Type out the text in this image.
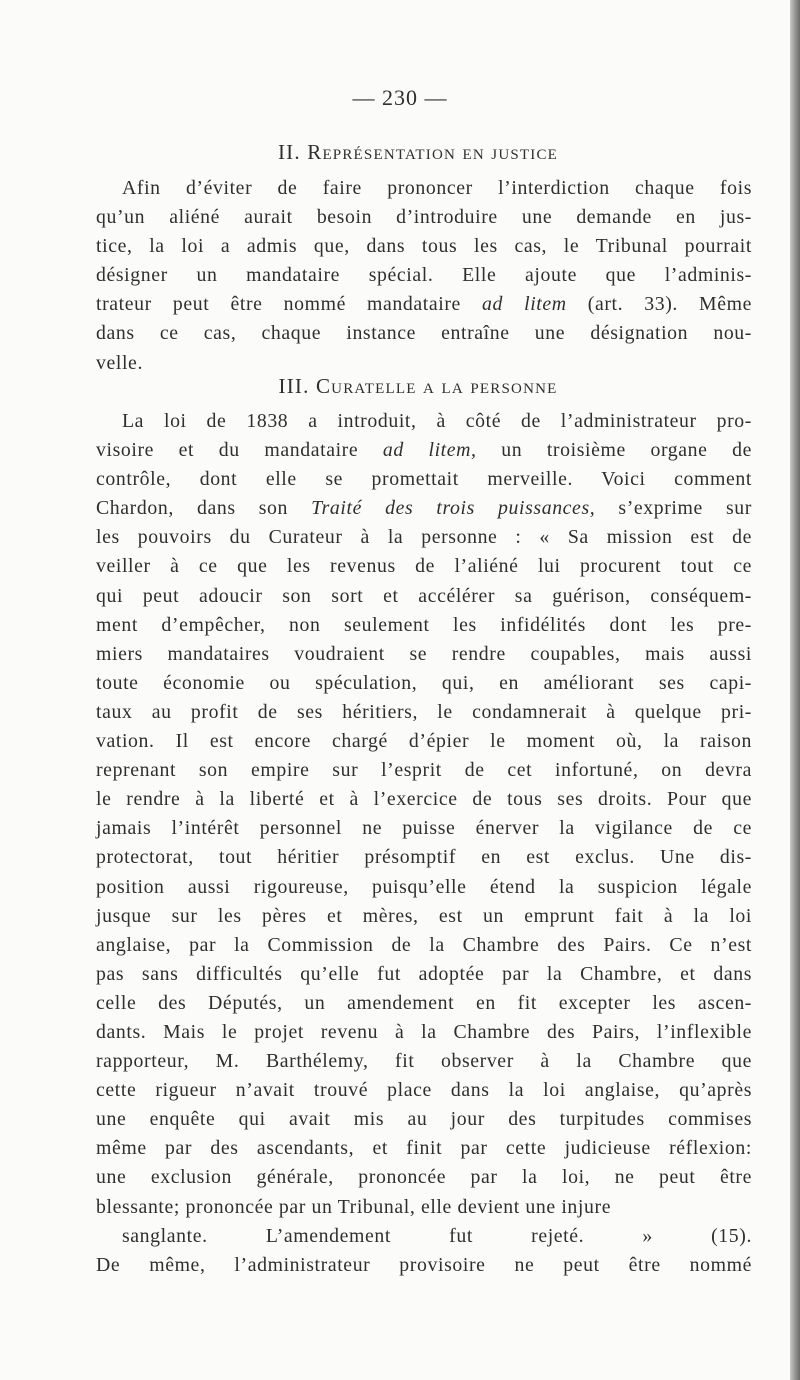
— 230 —
II. Représentation en justice
Afin d’éviter de faire prononcer l’interdiction chaque fois
qu’un aliéné aurait besoin d’introduire une demande en jus-
tice, la loi a admis que, dans tous les cas, le Tribunal pourrait
désigner un mandataire spécial. Elle ajoute que l’adminis-
trateur peut être nommé mandataire ad litem (art. 33). Même
dans ce cas, chaque instance entraîne une désignation nou-
velle.
III. Curatelle a la personne
La loi de 1838 a introduit, à côté de l’administrateur pro-
visoire et du mandataire ad litem, un troisième organe de
contrôle, dont elle se promettait merveille. Voici comment
Chardon, dans son Traité des trois puissances, s’exprime sur
les pouvoirs du Curateur à la personne : « Sa mission est de
veiller à ce que les revenus de l’aliéné lui procurent tout ce
qui peut adoucir son sort et accélérer sa guérison, conséquem-
ment d’empêcher, non seulement les infidélités dont les pre-
miers mandataires voudraient se rendre coupables, mais aussi
toute économie ou spéculation, qui, en améliorant ses capi-
taux au profit de ses héritiers, le condamnerait à quelque pri-
vation. Il est encore chargé d’épier le moment où, la raison
reprenant son empire sur l’esprit de cet infortuné, on devra
le rendre à la liberté et à l’exercice de tous ses droits. Pour que
jamais l’intérêt personnel ne puisse énerver la vigilance de ce
protectorat, tout héritier présomptif en est exclus. Une dis-
position aussi rigoureuse, puisqu’elle étend la suspicion légale
jusque sur les pères et mères, est un emprunt fait à la loi
anglaise, par la Commission de la Chambre des Pairs. Ce n’est
pas sans difficultés qu’elle fut adoptée par la Chambre, et dans
celle des Députés, un amendement en fit excepter les ascen-
dants. Mais le projet revenu à la Chambre des Pairs, l’inflexible
rapporteur, M. Barthélemy, fit observer à la Chambre que
cette rigueur n’avait trouvé place dans la loi anglaise, qu’après
une enquête qui avait mis au jour des turpitudes commises
même par des ascendants, et finit par cette judicieuse réflexion:
une exclusion générale, prononcée par la loi, ne peut être
blessante; prononcée par un Tribunal, elle devient une injure
sanglante. L’amendement fut rejeté. » (15).
De même, l’administrateur provisoire ne peut être nommé
